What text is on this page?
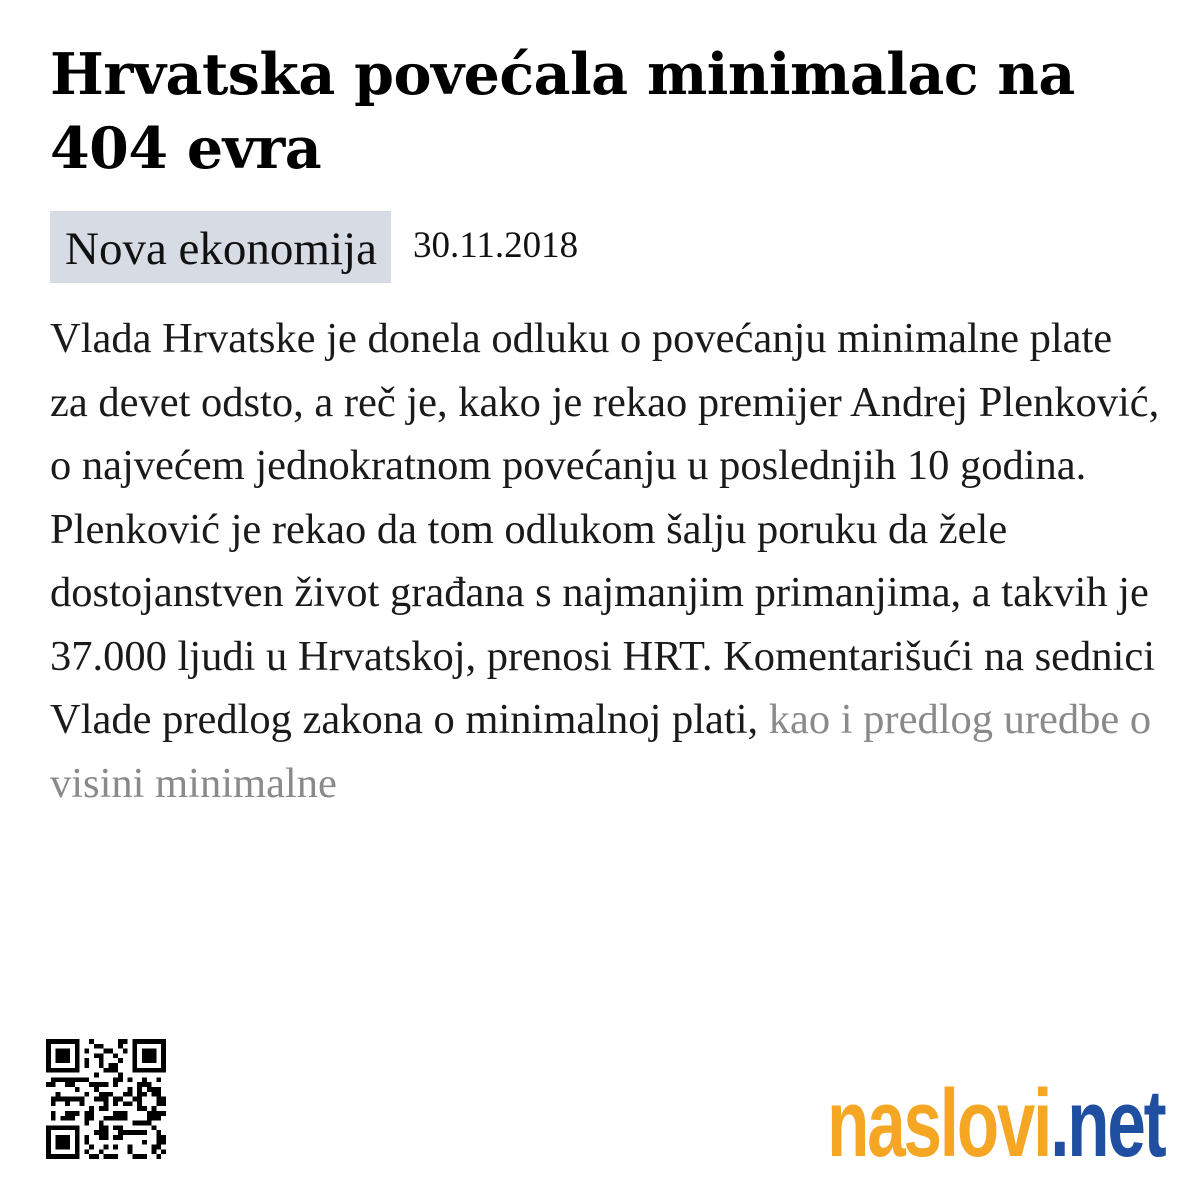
Hrvatska povećala minimalac na 404 evra
Nova ekonomija 30.11.2018

Vlada Hrvatske je donela odluku o povećanju minimalne plate za devet odsto, a reč je, kako je rekao premijer Andrej Plenković, o najvećem jednokratnom povećanju u poslednjih 10 godina. Plenković je rekao da tom odlukom šalju poruku da žele dostojanstven život građana s najmanjim primanjima, a takvih je 37.000 ljudi u Hrvatskoj, prenosi HRT. Komentarišući na sednici Vlade predlog zakona o minimalnoj plati, kao i predlog uredbe o visini minimalne

naslovi .net
